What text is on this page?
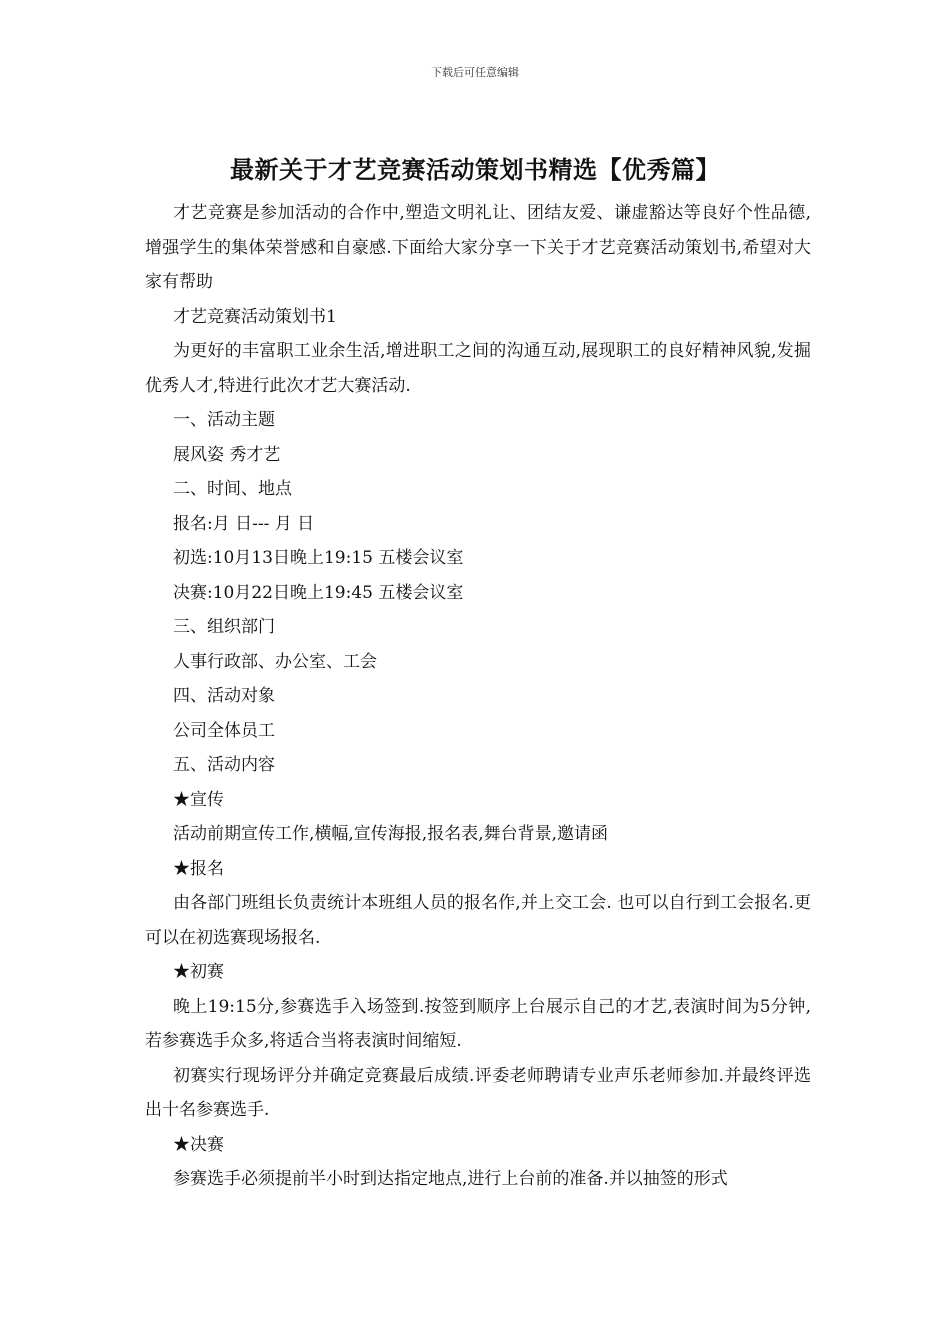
下载后可任意编辑
最新关于才艺竞赛活动策划书精选【优秀篇】

才艺竞赛是参加活动的合作中,塑造文明礼让、团结友爱、谦虚豁达等良好个性品德,增强学生的集体荣誉感和自豪感.下面给大家分享一下关于才艺竞赛活动策划书,希望对大家有帮助

才艺竞赛活动策划书1

为更好的丰富职工业余生活,增进职工之间的沟通互动,展现职工的良好精神风貌,发掘优秀人才,特进行此次才艺大赛活动.

一、活动主题

展风姿 秀才艺

二、时间、地点

报名:月 日--- 月 日

初选:10月13日晚上19:15 五楼会议室

决赛:10月22日晚上19:45 五楼会议室

三、组织部门

人事行政部、办公室、工会

四、活动对象

公司全体员工

五、活动内容

★宣传

活动前期宣传工作,横幅,宣传海报,报名表,舞台背景,邀请函

★报名

由各部门班组长负责统计本班组人员的报名作,并上交工会. 也可以自行到工会报名.更可以在初选赛现场报名.

★初赛

晚上19:15分,参赛选手入场签到.按签到顺序上台展示自己的才艺,表演时间为5分钟,若参赛选手众多,将适合当将表演时间缩短.

初赛实行现场评分并确定竞赛最后成绩.评委老师聘请专业声乐老师参加.并最终评选出十名参赛选手.

★决赛

参赛选手必须提前半小时到达指定地点,进行上台前的准备.并以抽签的形式
